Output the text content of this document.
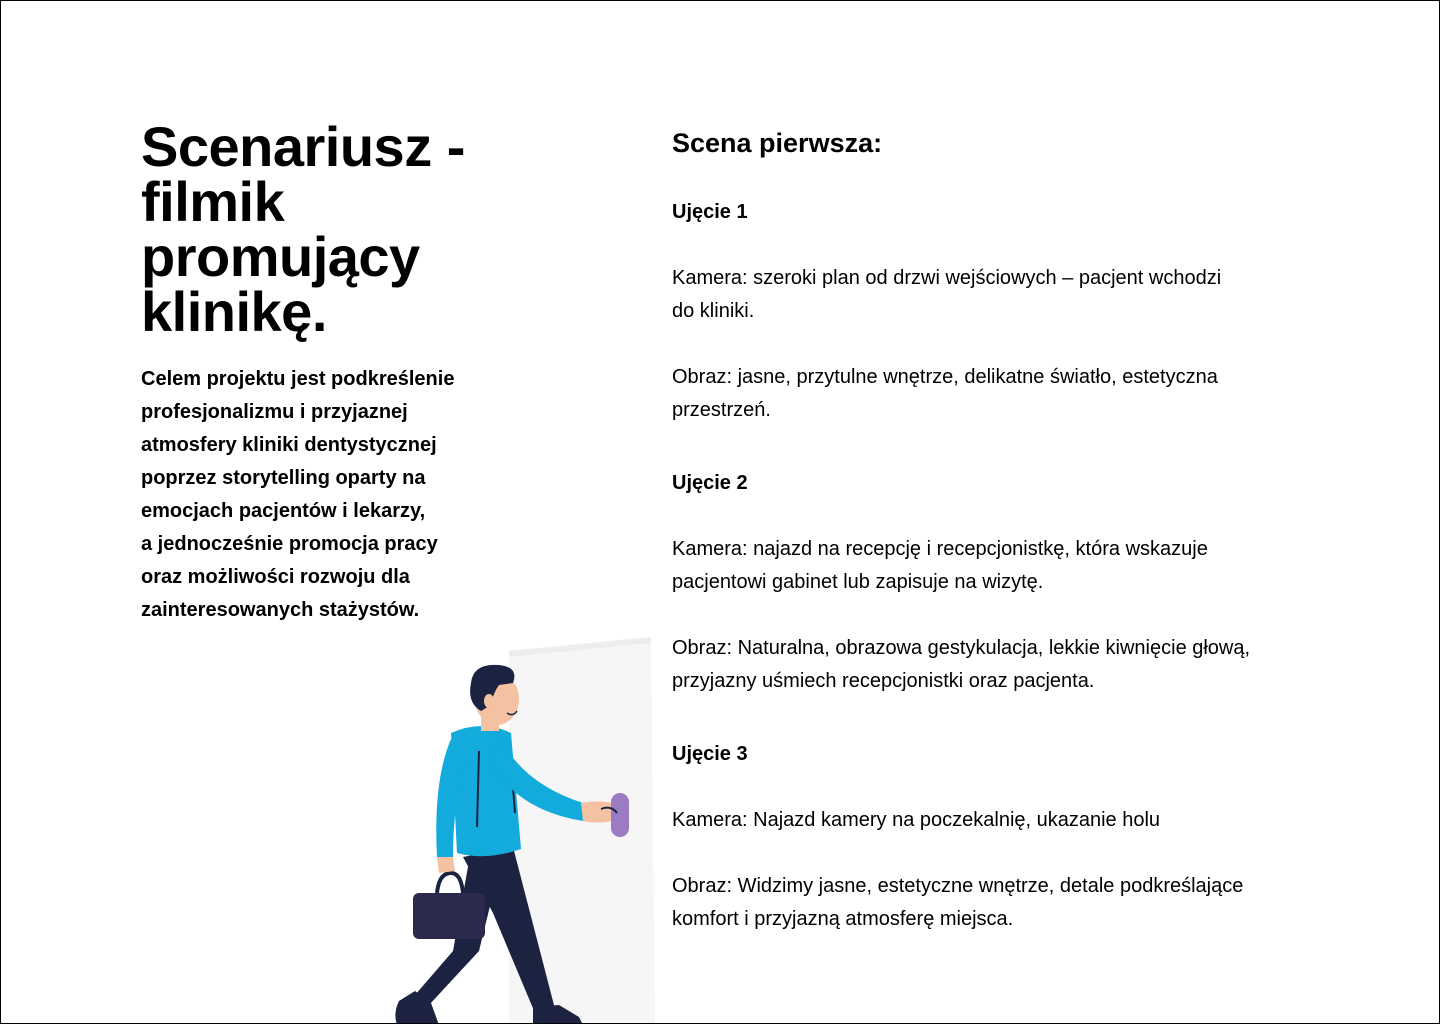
Scenariusz -
filmik
promujący
klinikę.

Celem projektu jest podkreślenie
profesjonalizmu i przyjaznej
atmosfery kliniki dentystycznej
poprzez storytelling oparty na
emocjach pacjentów i lekarzy,
a jednocześnie promocja pracy
oraz możliwości rozwoju dla
zainteresowanych stażystów.

Scena pierwsza:
Ujęcie 1

Kamera: szeroki plan od drzwi wejściowych – pacjent wchodzi
do kliniki.

Obraz: jasne, przytulne wnętrze, delikatne światło, estetyczna
przestrzeń.

Ujęcie 2

Kamera: najazd na recepcję i recepcjonistkę, która wskazuje
pacjentowi gabinet lub zapisuje na wizytę.

Obraz: Naturalna, obrazowa gestykulacja, lekkie kiwnięcie głową,
przyjazny uśmiech recepcjonistki oraz pacjenta.

Ujęcie 3

Kamera: Najazd kamery na poczekalnię, ukazanie holu

Obraz: Widzimy jasne, estetyczne wnętrze, detale podkreślające
komfort i przyjazną atmosferę miejsca.
